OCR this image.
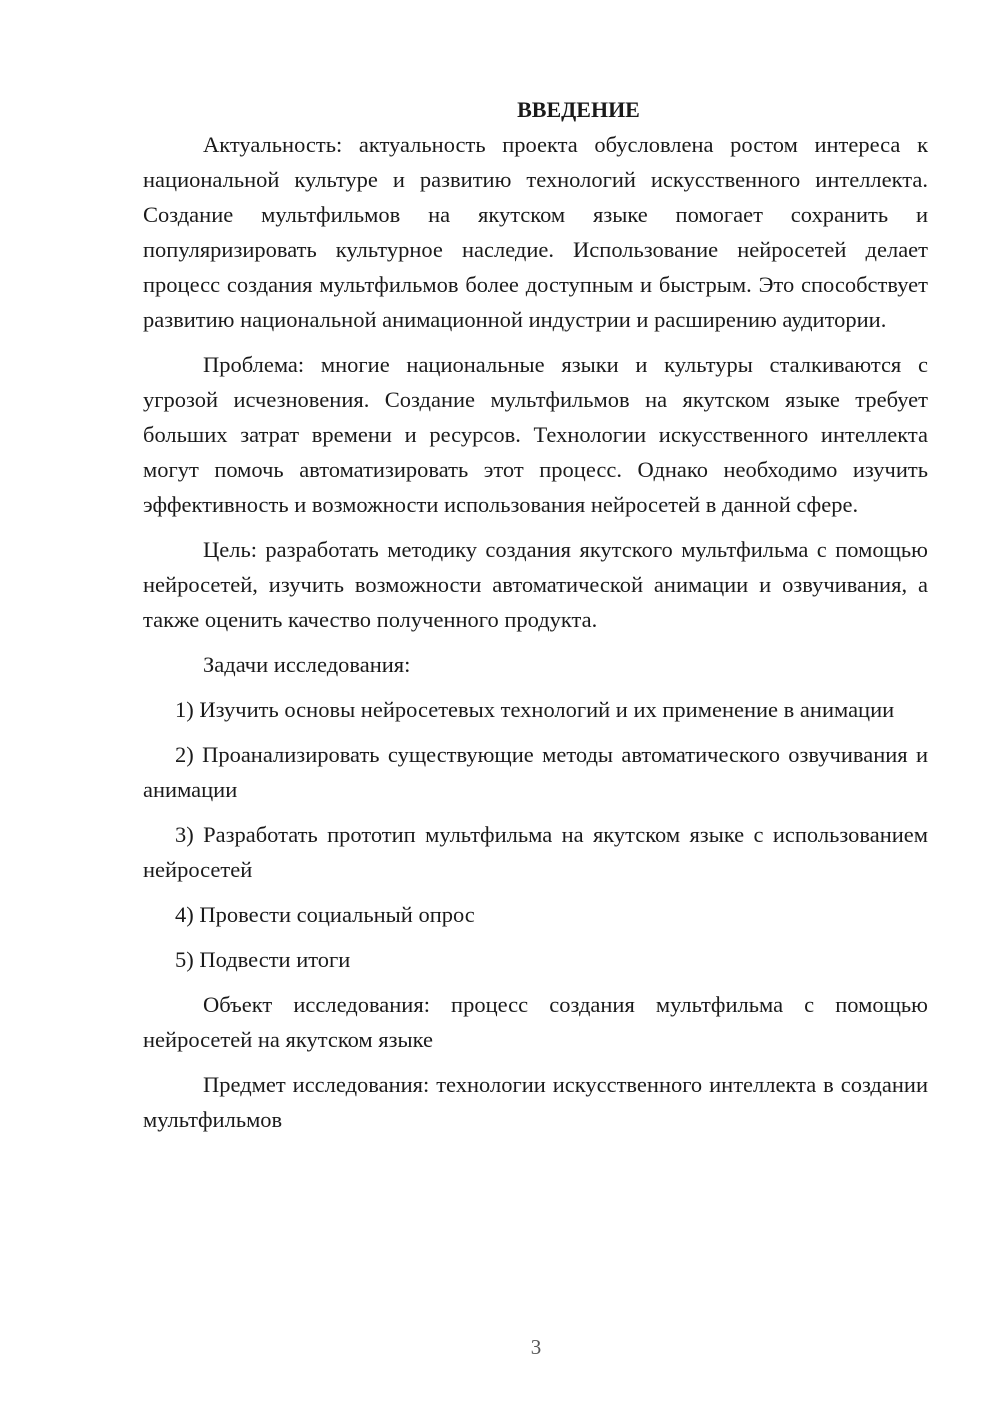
ВВЕДЕНИЕ

Актуальность: актуальность проекта обусловлена ростом интереса к национальной культуре и развитию технологий искусственного интеллекта. Создание мультфильмов на якутском языке помогает сохранить и популяризировать культурное наследие. Использование нейросетей делает процесс создания мультфильмов более доступным и быстрым. Это способствует развитию национальной анимационной индустрии и расширению аудитории.

Проблема: многие национальные языки и культуры сталкиваются с угрозой исчезновения. Создание мультфильмов на якутском языке требует больших затрат времени и ресурсов. Технологии искусственного интеллекта могут помочь автоматизировать этот процесс. Однако необходимо изучить эффективность и возможности использования нейросетей в данной сфере.

Цель: разработать методику создания якутского мультфильма с помощью нейросетей, изучить возможности автоматической анимации и озвучивания, а также оценить качество полученного продукта.

Задачи исследования:

1) Изучить основы нейросетевых технологий и их применение в анимации

2) Проанализировать существующие методы автоматического озвучивания и анимации

3) Разработать прототип мультфильма на якутском языке с использованием нейросетей

4) Провести социальный опрос

5) Подвести итоги

Объект исследования: процесс создания мультфильма с помощью нейросетей на якутском языке

Предмет исследования: технологии искусственного интеллекта в создании мультфильмов

3
